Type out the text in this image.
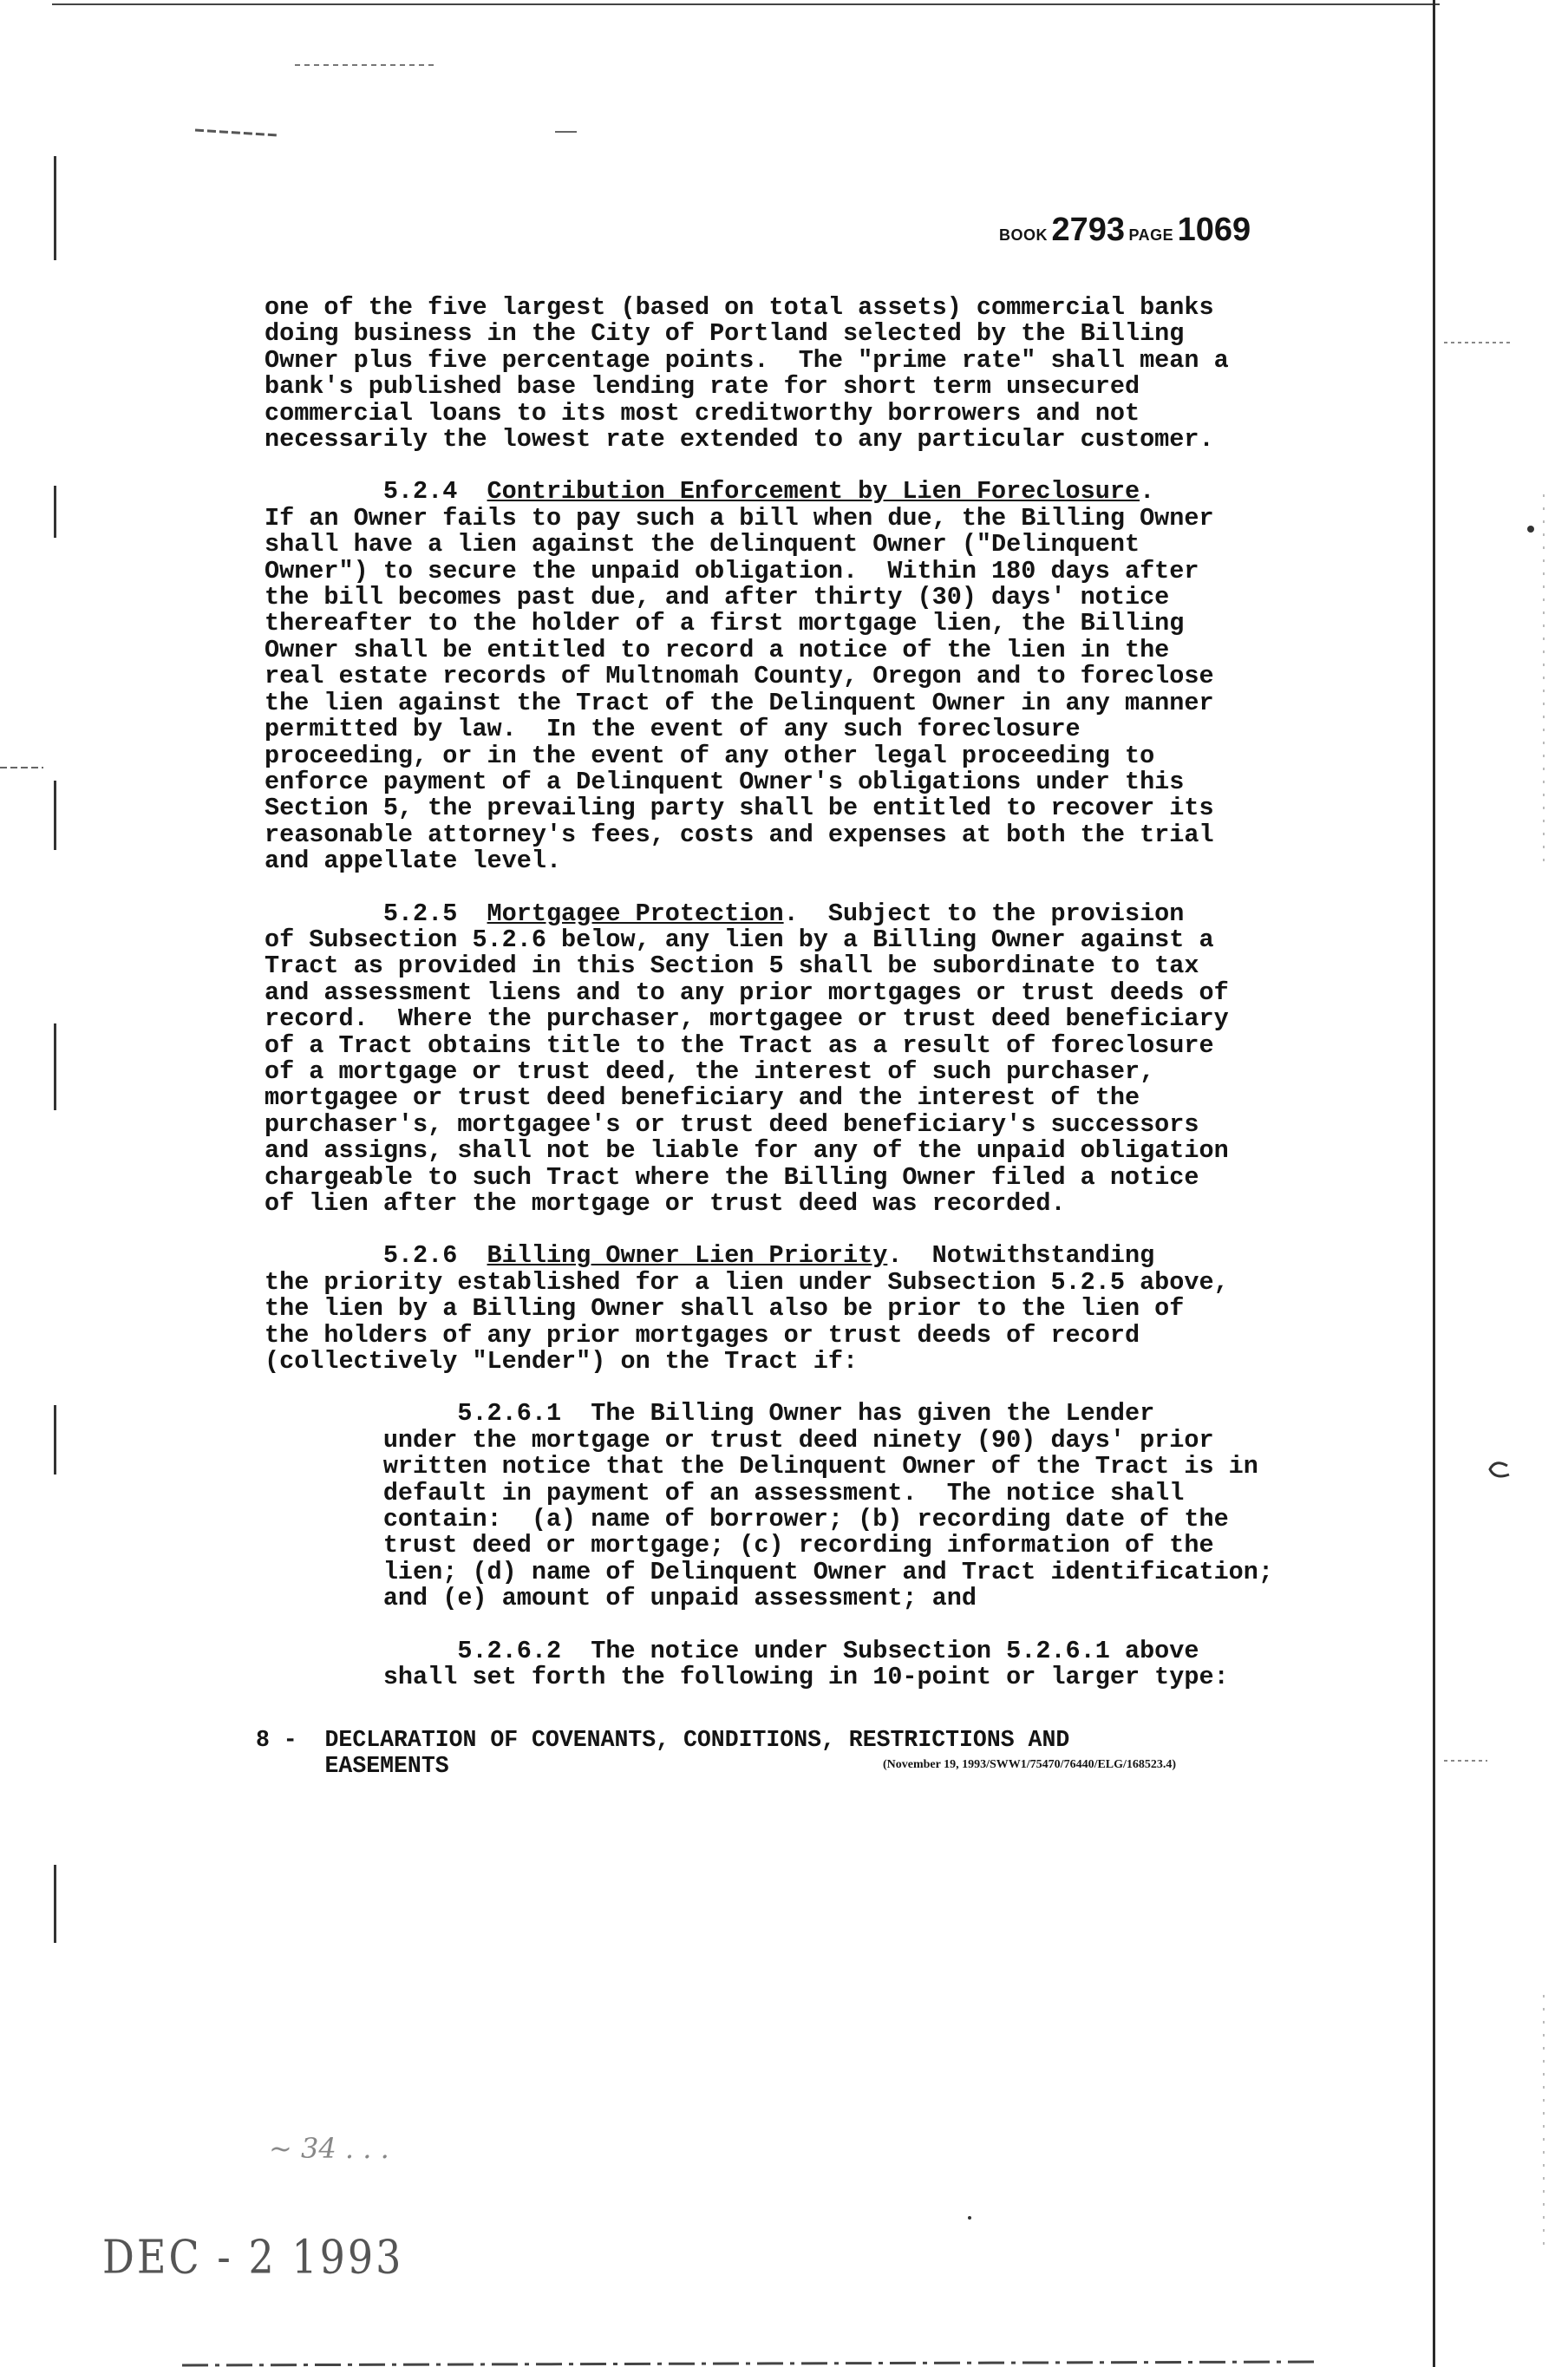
BOOK 2793 PAGE 1069

one of the five largest (based on total assets) commercial banks
doing business in the City of Portland selected by the Billing
Owner plus five percentage points.  The "prime rate" shall mean a
bank's published base lending rate for short term unsecured
commercial loans to its most creditworthy borrowers and not
necessarily the lowest rate extended to any particular customer.

5.2.4  Contribution Enforcement by Lien Foreclosure.
If an Owner fails to pay such a bill when due, the Billing Owner
shall have a lien against the delinquent Owner ("Delinquent
Owner") to secure the unpaid obligation.  Within 180 days after
the bill becomes past due, and after thirty (30) days' notice
thereafter to the holder of a first mortgage lien, the Billing
Owner shall be entitled to record a notice of the lien in the
real estate records of Multnomah County, Oregon and to foreclose
the lien against the Tract of the Delinquent Owner in any manner
permitted by law.  In the event of any such foreclosure
proceeding, or in the event of any other legal proceeding to
enforce payment of a Delinquent Owner's obligations under this
Section 5, the prevailing party shall be entitled to recover its
reasonable attorney's fees, costs and expenses at both the trial
and appellate level.

5.2.5  Mortgagee Protection.  Subject to the provision
of Subsection 5.2.6 below, any lien by a Billing Owner against a
Tract as provided in this Section 5 shall be subordinate to tax
and assessment liens and to any prior mortgages or trust deeds of
record.  Where the purchaser, mortgagee or trust deed beneficiary
of a Tract obtains title to the Tract as a result of foreclosure
of a mortgage or trust deed, the interest of such purchaser,
mortgagee or trust deed beneficiary and the interest of the
purchaser's, mortgagee's or trust deed beneficiary's successors
and assigns, shall not be liable for any of the unpaid obligation
chargeable to such Tract where the Billing Owner filed a notice
of lien after the mortgage or trust deed was recorded.

5.2.6  Billing Owner Lien Priority.  Notwithstanding
the priority established for a lien under Subsection 5.2.5 above,
the lien by a Billing Owner shall also be prior to the lien of
the holders of any prior mortgages or trust deeds of record
(collectively "Lender") on the Tract if:

5.2.6.1  The Billing Owner has given the Lender
under the mortgage or trust deed ninety (90) days' prior
written notice that the Delinquent Owner of the Tract is in
default in payment of an assessment.  The notice shall
contain:  (a) name of borrower; (b) recording date of the
trust deed or mortgage; (c) recording information of the
lien; (d) name of Delinquent Owner and Tract identification;
and (e) amount of unpaid assessment; and

5.2.6.2  The notice under Subsection 5.2.6.1 above
shall set forth the following in 10-point or larger type:

8 -  DECLARATION OF COVENANTS, CONDITIONS, RESTRICTIONS AND
EASEMENTS	(November 19, 1993/SWW1/75470/76440/ELG/168523.4)
~ 34 . . .
DEC - 2 1993
